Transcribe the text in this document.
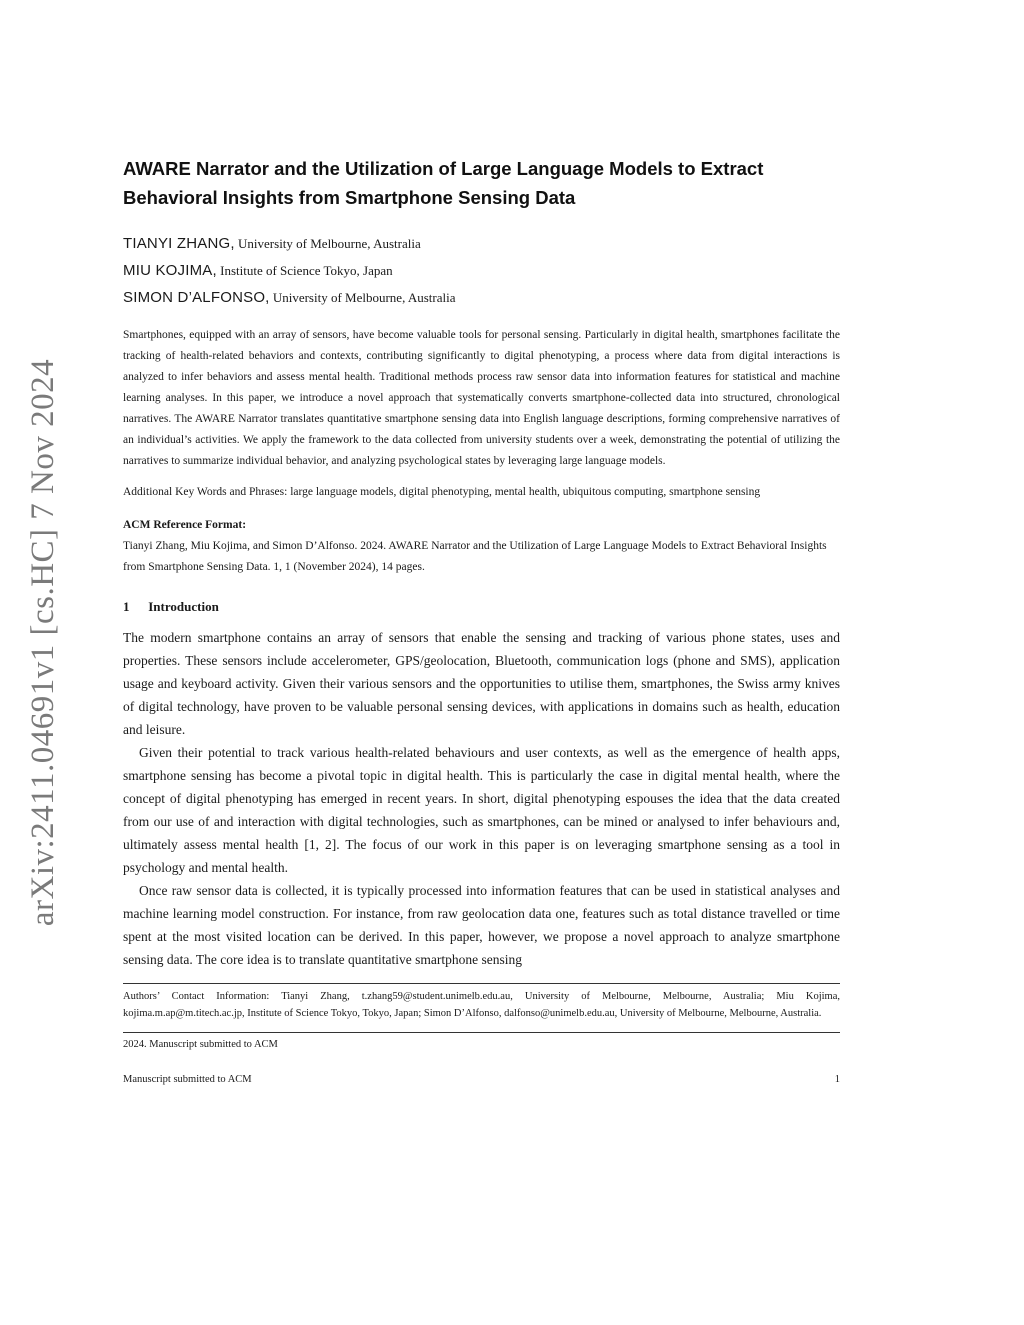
arXiv:2411.04691v1 [cs.HC] 7 Nov 2024
AWARE Narrator and the Utilization of Large Language Models to Extract Behavioral Insights from Smartphone Sensing Data
TIANYI ZHANG, University of Melbourne, Australia
MIU KOJIMA, Institute of Science Tokyo, Japan
SIMON D’ALFONSO, University of Melbourne, Australia
Smartphones, equipped with an array of sensors, have become valuable tools for personal sensing. Particularly in digital health, smartphones facilitate the tracking of health-related behaviors and contexts, contributing significantly to digital phenotyping, a process where data from digital interactions is analyzed to infer behaviors and assess mental health. Traditional methods process raw sensor data into information features for statistical and machine learning analyses. In this paper, we introduce a novel approach that systematically converts smartphone-collected data into structured, chronological narratives. The AWARE Narrator translates quantitative smartphone sensing data into English language descriptions, forming comprehensive narratives of an individual’s activities. We apply the framework to the data collected from university students over a week, demonstrating the potential of utilizing the narratives to summarize individual behavior, and analyzing psychological states by leveraging large language models.
Additional Key Words and Phrases: large language models, digital phenotyping, mental health, ubiquitous computing, smartphone sensing
ACM Reference Format:
Tianyi Zhang, Miu Kojima, and Simon D’Alfonso. 2024. AWARE Narrator and the Utilization of Large Language Models to Extract Behavioral Insights from Smartphone Sensing Data. 1, 1 (November 2024), 14 pages.
1 Introduction

The modern smartphone contains an array of sensors that enable the sensing and tracking of various phone states, uses and properties. These sensors include accelerometer, GPS/geolocation, Bluetooth, communication logs (phone and SMS), application usage and keyboard activity. Given their various sensors and the opportunities to utilise them, smartphones, the Swiss army knives of digital technology, have proven to be valuable personal sensing devices, with applications in domains such as health, education and leisure.

Given their potential to track various health-related behaviours and user contexts, as well as the emergence of health apps, smartphone sensing has become a pivotal topic in digital health. This is particularly the case in digital mental health, where the concept of digital phenotyping has emerged in recent years. In short, digital phenotyping espouses the idea that the data created from our use of and interaction with digital technologies, such as smartphones, can be mined or analysed to infer behaviours and, ultimately assess mental health [1, 2]. The focus of our work in this paper is on leveraging smartphone sensing as a tool in psychology and mental health.

Once raw sensor data is collected, it is typically processed into information features that can be used in statistical analyses and machine learning model construction. For instance, from raw geolocation data one, features such as total distance travelled or time spent at the most visited location can be derived. In this paper, however, we propose a novel approach to analyze smartphone sensing data. The core idea is to translate quantitative smartphone sensing

Authors’ Contact Information: Tianyi Zhang, t.zhang59@student.unimelb.edu.au, University of Melbourne, Melbourne, Australia; Miu Kojima, kojima.m.ap@m.titech.ac.jp, Institute of Science Tokyo, Tokyo, Japan; Simon D’Alfonso, dalfonso@unimelb.edu.au, University of Melbourne, Melbourne, Australia.
2024. Manuscript submitted to ACM
Manuscript submitted to ACM	1
